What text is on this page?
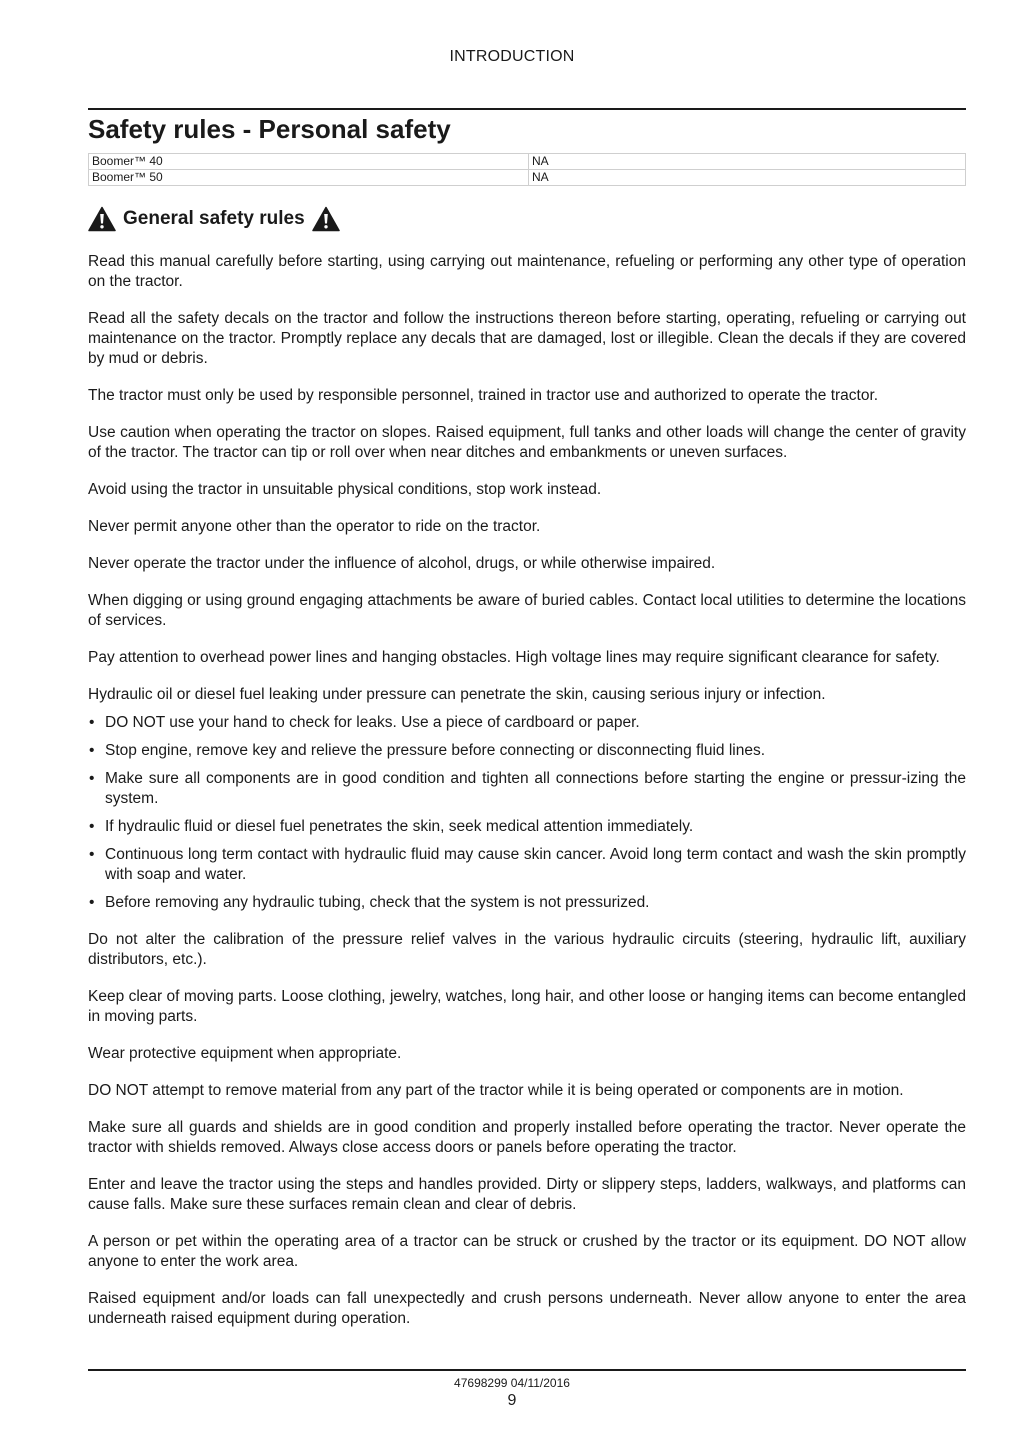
INTRODUCTION
Safety rules - Personal safety
Boomer™ 40	NA
Boomer™ 50	NA
General safety rules

Read this manual carefully before starting, using carrying out maintenance, refueling or performing any other type of operation on the tractor.

Read all the safety decals on the tractor and follow the instructions thereon before starting, operating, refueling or carrying out maintenance on the tractor. Promptly replace any decals that are damaged, lost or illegible. Clean the decals if they are covered by mud or debris.

The tractor must only be used by responsible personnel, trained in tractor use and authorized to operate the tractor.

Use caution when operating the tractor on slopes. Raised equipment, full tanks and other loads will change the center of gravity of the tractor. The tractor can tip or roll over when near ditches and embankments or uneven surfaces.

Avoid using the tractor in unsuitable physical conditions, stop work instead.

Never permit anyone other than the operator to ride on the tractor.

Never operate the tractor under the influence of alcohol, drugs, or while otherwise impaired.

When digging or using ground engaging attachments be aware of buried cables. Contact local utilities to determine the locations of services.

Pay attention to overhead power lines and hanging obstacles. High voltage lines may require significant clearance for safety.

Hydraulic oil or diesel fuel leaking under pressure can penetrate the skin, causing serious injury or infection.

• DO NOT use your hand to check for leaks. Use a piece of cardboard or paper.
• Stop engine, remove key and relieve the pressure before connecting or disconnecting fluid lines.
• Make sure all components are in good condition and tighten all connections before starting the engine or pressur-izing the system.
• If hydraulic fluid or diesel fuel penetrates the skin, seek medical attention immediately.
• Continuous long term contact with hydraulic fluid may cause skin cancer. Avoid long term contact and wash the skin promptly with soap and water.
• Before removing any hydraulic tubing, check that the system is not pressurized.

Do not alter the calibration of the pressure relief valves in the various hydraulic circuits (steering, hydraulic lift, auxiliary distributors, etc.).

Keep clear of moving parts. Loose clothing, jewelry, watches, long hair, and other loose or hanging items can become entangled in moving parts.

Wear protective equipment when appropriate.

DO NOT attempt to remove material from any part of the tractor while it is being operated or components are in motion.

Make sure all guards and shields are in good condition and properly installed before operating the tractor. Never operate the tractor with shields removed. Always close access doors or panels before operating the tractor.

Enter and leave the tractor using the steps and handles provided. Dirty or slippery steps, ladders, walkways, and platforms can cause falls. Make sure these surfaces remain clean and clear of debris.

A person or pet within the operating area of a tractor can be struck or crushed by the tractor or its equipment. DO NOT allow anyone to enter the work area.

Raised equipment and/or loads can fall unexpectedly and crush persons underneath. Never allow anyone to enter the area underneath raised equipment during operation.

47698299 04/11/2016
9
